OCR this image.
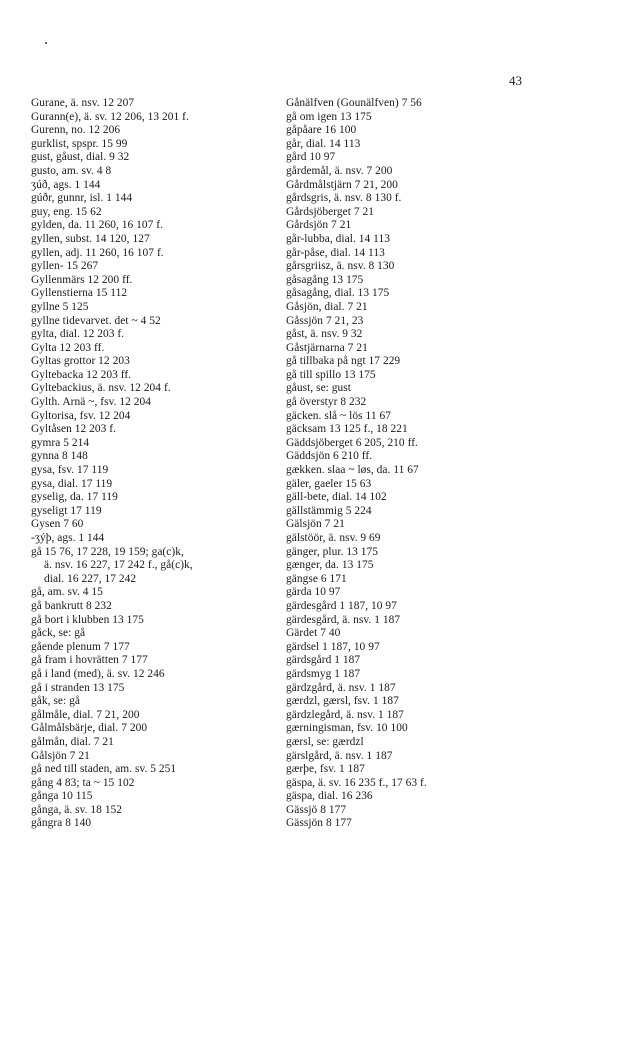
43
Gurane, ä. nsv. 12 207
Gurann(e), ä. sv. 12 206, 13 201 f.
Gurenn, no. 12 206
gurklist, spspr. 15 99
gust, gåust, dial. 9 32
gusto, am. sv. 4 8
ʒúð, ags. 1 144
gúðr, gunnr, isl. 1 144
guy, eng. 15 62
gylden, da. 11 260, 16 107 f.
gyllen, subst. 14 120, 127
gyllen, adj. 11 260, 16 107 f.
gyllen- 15 267
Gyllenmärs 12 200 ff.
Gyllenstierna 15 112
gyllne 5 125
gyllne tidevarvet. det ~ 4 52
gylta, dial. 12 203 f.
Gylta 12 203 ff.
Gyltas grottor 12 203
Gyltebacka 12 203 ff.
Gyltebackius, ä. nsv. 12 204 f.
Gylth. Arnä ~, fsv. 12 204
Gyltorisa, fsv. 12 204
Gyltåsen 12 203 f.
gymra 5 214
gynna 8 148
gysa, fsv. 17 119
gysa, dial. 17 119
gyselig, da. 17 119
gyseligt 17 119
Gysen 7 60
-ʒýþ, ags. 1 144
gå 15 76, 17 228, 19 159; ga(c)k,
ä. nsv. 16 227, 17 242 f., gå(c)k,
dial. 16 227, 17 242
gå, am. sv. 4 15
gå bankrutt 8 232
gå bort i klubben 13 175
gåck, se: gå
gående plenum 7 177
gå fram i hovrätten 7 177
gå i land (med), ä. sv. 12 246
gå i stranden 13 175
gåk, se: gå
gålmåle, dial. 7 21, 200
Gålmålsbärje, dial. 7 200
gålmån, dial. 7 21
Gålsjön 7 21
gå ned till staden, am. sv. 5 251
gång 4 83; ta ~ 15 102
gånga 10 115
gånga, ä. sv. 18 152
gångra 8 140
Gånälfven (Gounälfven) 7 56
gå om igen 13 175
gåpåare 16 100
går, dial. 14 113
gård 10 97
gårdemål, ä. nsv. 7 200
Gårdmålstjärn 7 21, 200
gårdsgris, ä. nsv. 8 130 f.
Gårdsjöberget 7 21
Gårdsjön 7 21
går-lubba, dial. 14 113
går-påse, dial. 14 113
gårsgriisz, ä. nsv. 8 130
gåsagång 13 175
gåsagång, dial. 13 175
Gåsjön, dial. 7 21
Gåssjön 7 21, 23
gåst, ä. nsv. 9 32
Gåstjärnarna 7 21
gå tillbaka på ngt 17 229
gå till spillo 13 175
gåust, se: gust
gå överstyr 8 232
gäcken. slå ~ lös 11 67
gäcksam 13 125 f., 18 221
Gäddsjöberget 6 205, 210 ff.
Gäddsjön 6 210 ff.
gækken. slaa ~ løs, da. 11 67
gäler, gaeler 15 63
gäll-bete, dial. 14 102
gällstämmig 5 224
Gälsjön 7 21
gälstöör, ä. nsv. 9 69
gänger, plur. 13 175
gænger, da. 13 175
gängse 6 171
gärda 10 97
gärdesgård 1 187, 10 97
gärdesgård, ä. nsv. 1 187
Gärdet 7 40
gärdsel 1 187, 10 97
gärdsgård 1 187
gärdsmyg 1 187
gärdzgård, ä. nsv. 1 187
gærdzl, gærsl, fsv. 1 187
gärdzlegård, ä. nsv. 1 187
gærningisman, fsv. 10 100
gærsl, se: gærdzl
gärslgård, ä. nsv. 1 187
gærþe, fsv. 1 187
gäspa, ä. sv. 16 235 f., 17 63 f.
gäspa, dial. 16 236
Gässjö 8 177
Gässjön 8 177
